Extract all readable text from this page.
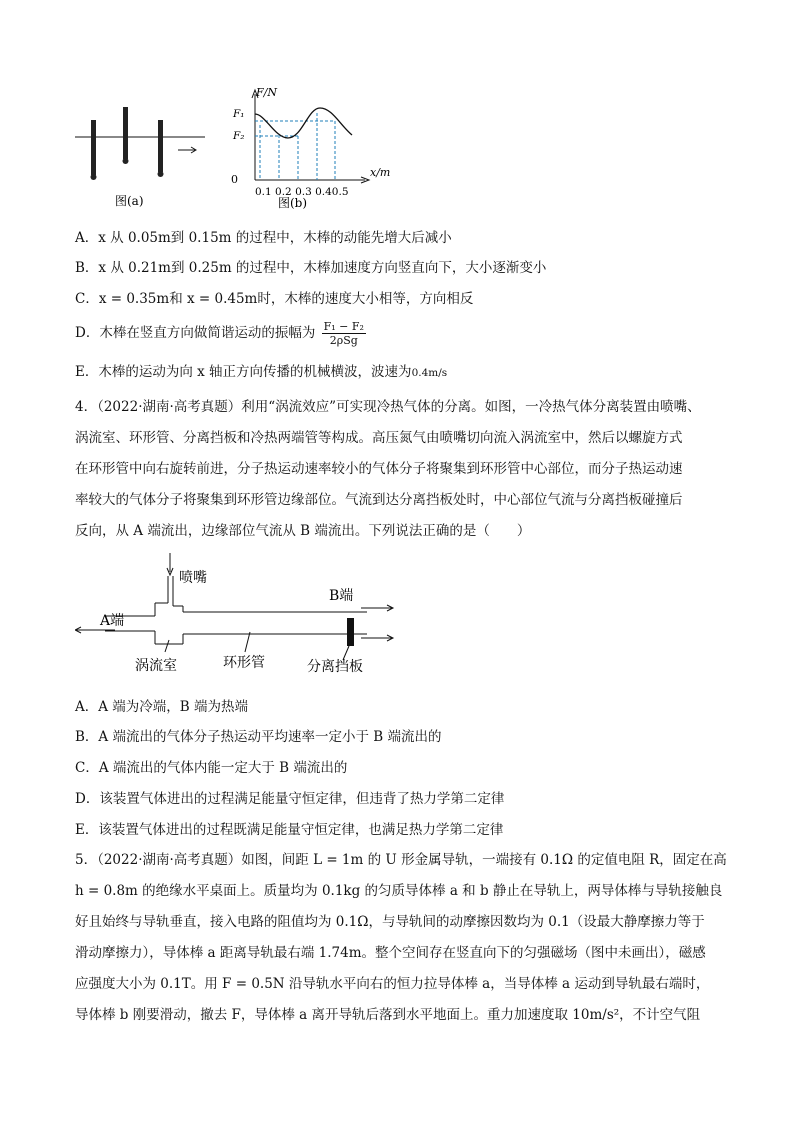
图(a)
F/N
x/m
0
F₁
F₂
0.1 0.2 0.3 0.40.5
图(b)
A．x 从 0.05m到 0.15m 的过程中，木棒的动能先增大后减小
B．x 从 0.21m到 0.25m 的过程中，木棒加速度方向竖直向下，大小逐渐变小
C．x = 0.35m和 x = 0.45m时，木棒的速度大小相等，方向相反
D．木棒在竖直方向做简谐运动的振幅为 $\frac{\text{F₁ − F₂}}{\text{2ρSg}}$
E．木棒的运动为向 x 轴正方向传播的机械横波，波速为0.4m/s
4．（2022·湖南·高考真题）利用“涡流效应”可实现冷热气体的分离。如图，一冷热气体分离装置由喷嘴、
涡流室、环形管、分离挡板和冷热两端管等构成。高压氮气由喷嘴切向流入涡流室中，然后以螺旋方式
在环形管中向右旋转前进，分子热运动速率较小的气体分子将聚集到环形管中心部位，而分子热运动速
率较大的气体分子将聚集到环形管边缘部位。气流到达分离挡板处时，中心部位气流与分离挡板碰撞后
反向，从 A 端流出，边缘部位气流从 B 端流出。下列说法正确的是（　　）
喷嘴
A端
B端
涡流室	环形管	分离挡板
A．A 端为冷端，B 端为热端
B．A 端流出的气体分子热运动平均速率一定小于 B 端流出的
C．A 端流出的气体内能一定大于 B 端流出的
D．该装置气体进出的过程满足能量守恒定律，但违背了热力学第二定律
E．该装置气体进出的过程既满足能量守恒定律，也满足热力学第二定律
5．（2022·湖南·高考真题）如图，间距 L = 1m 的 U 形金属导轨，一端接有 0.1Ω 的定值电阻 R，固定在高
h = 0.8m 的绝缘水平桌面上。质量均为 0.1kg 的匀质导体棒 a 和 b 静止在导轨上，两导体棒与导轨接触良
好且始终与导轨垂直，接入电路的阻值均为 0.1Ω，与导轨间的动摩擦因数均为 0.1（设最大静摩擦力等于
滑动摩擦力），导体棒 a 距离导轨最右端 1.74m。整个空间存在竖直向下的匀强磁场（图中未画出），磁感
应强度大小为 0.1T。用 F = 0.5N 沿导轨水平向右的恒力拉导体棒 a，当导体棒 a 运动到导轨最右端时，
导体棒 b 刚要滑动，撤去 F，导体棒 a 离开导轨后落到水平地面上。重力加速度取 10m/s²，不计空气阻
